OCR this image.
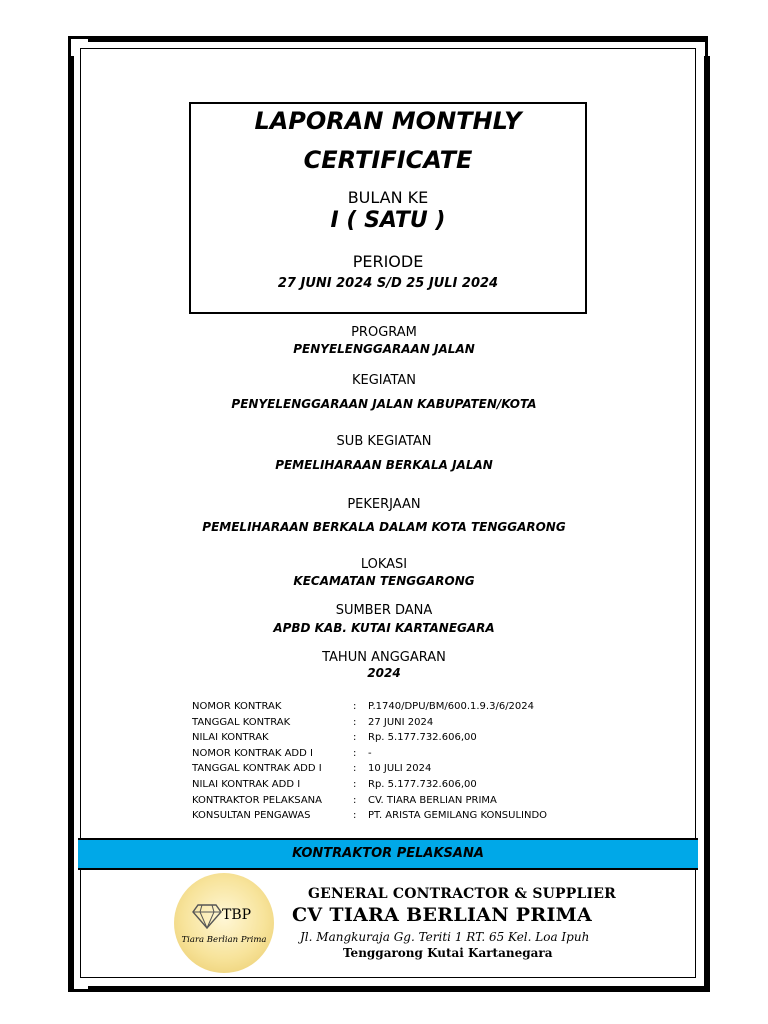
LAPORAN MONTHLY
CERTIFICATE
BULAN KE
I ( SATU )
PERIODE
27 JUNI 2024 S/D 25 JULI 2024
PROGRAM
PENYELENGGARAAN JALAN
KEGIATAN
PENYELENGGARAAN JALAN KABUPATEN/KOTA
SUB KEGIATAN
PEMELIHARAAN BERKALA JALAN
PEKERJAAN
PEMELIHARAAN BERKALA DALAM KOTA TENGGARONG
LOKASI
KECAMATAN TENGGARONG
SUMBER DANA
APBD KAB. KUTAI KARTANEGARA
TAHUN ANGGARAN
2024
NOMOR KONTRAK	:	P.1740/DPU/BM/600.1.9.3/6/2024
TANGGAL KONTRAK	:	27 JUNI 2024
NILAI KONTRAK	:	Rp. 5.177.732.606,00
NOMOR KONTRAK ADD I	:	-
TANGGAL KONTRAK ADD I	:	10 JULI 2024
NILAI KONTRAK ADD I	:	Rp. 5.177.732.606,00
KONTRAKTOR PELAKSANA	:	CV. TIARA BERLIAN PRIMA
KONSULTAN PENGAWAS	:	PT. ARISTA GEMILANG KONSULINDO
KONTRAKTOR PELAKSANA
TBP
Tiara Berlian Prima
GENERAL CONTRACTOR & SUPPLIER
CV TIARA BERLIAN PRIMA
Jl. Mangkuraja Gg. Teriti 1 RT. 65 Kel. Loa Ipuh
Tenggarong Kutai Kartanegara
